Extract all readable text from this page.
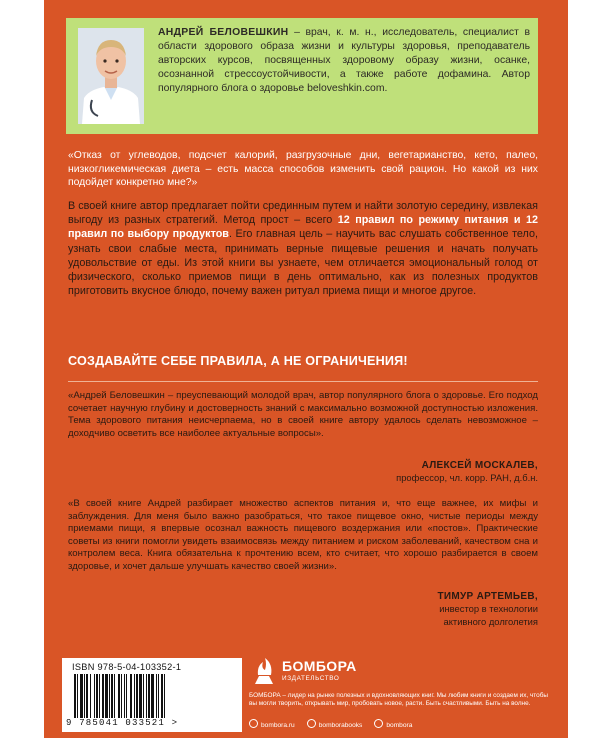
АНДРЕЙ БЕЛОВЕШКИН – врач, к. м. н., исследователь, специалист в области здорового образа жизни и культуры здоровья, преподаватель авторских курсов, посвященных здоровому образу жизни, осанке, осознанной стрессоустойчивости, а также работе дофамина. Автор популярного блога о здоровье beloveshkin.com.
«Отказ от углеводов, подсчет калорий, разгрузочные дни, вегетарианство, кето, палео, низкогликемическая диета – есть масса способов изменить свой рацион. Но какой из них подойдет конкретно мне?»
В своей книге автор предлагает пойти срединным путем и найти золотую середину, извлекая выгоду из разных стратегий. Метод прост – всего 12 правил по режиму питания и 12 правил по выбору продуктов. Его главная цель – научить вас слушать собственное тело, узнать свои слабые места, принимать верные пищевые решения и начать получать удовольствие от еды. Из этой книги вы узнаете, чем отличается эмоциональный голод от физического, сколько приемов пищи в день оптимально, как из полезных продуктов приготовить вкусное блюдо, почему важен ритуал приема пищи и многое другое.
СОЗДАВАЙТЕ СЕБЕ ПРАВИЛА, А НЕ ОГРАНИЧЕНИЯ!
«Андрей Беловешкин – преуспевающий молодой врач, автор популярного блога о здоровье. Его подход сочетает научную глубину и достоверность знаний с максимально возможной доступностью изложения. Тема здорового питания неисчерпаема, но в своей книге автору удалось сделать невозможное – доходчиво осветить все наиболее актуальные вопросы».
АЛЕКСЕЙ МОСКАЛЕВ,
профессор, чл. корр. РАН, д.б.н.
«В своей книге Андрей разбирает множество аспектов питания и, что еще важнее, их мифы и заблуждения. Для меня было важно разобраться, что такое пищевое окно, чистые периоды между приемами пищи, я впервые осознал важность пищевого воздержания или «постов». Практические советы из книги помогли увидеть взаимосвязь между питанием и риском заболеваний, качеством сна и контролем веса. Книга обязательна к прочтению всем, кто считает, что хорошо разбирается в своем здоровье, и хочет дальше улучшать качество своей жизни».
ТИМУР АРТЕМЬЕВ,
инвестор в технологии
активного долголетия
ISBN 978-5-04-103352-1
9 785041 033521 >
БОМБОРА
ИЗДАТЕЛЬСТВО
БОМБОРА – лидер на рынке полезных и вдохновляющих книг. Мы любим книги и создаем их, чтобы вы могли творить, открывать мир, пробовать новое, расти. Быть счастливыми. Быть на волне.
bombora.ru	bomborabooks	bombora
